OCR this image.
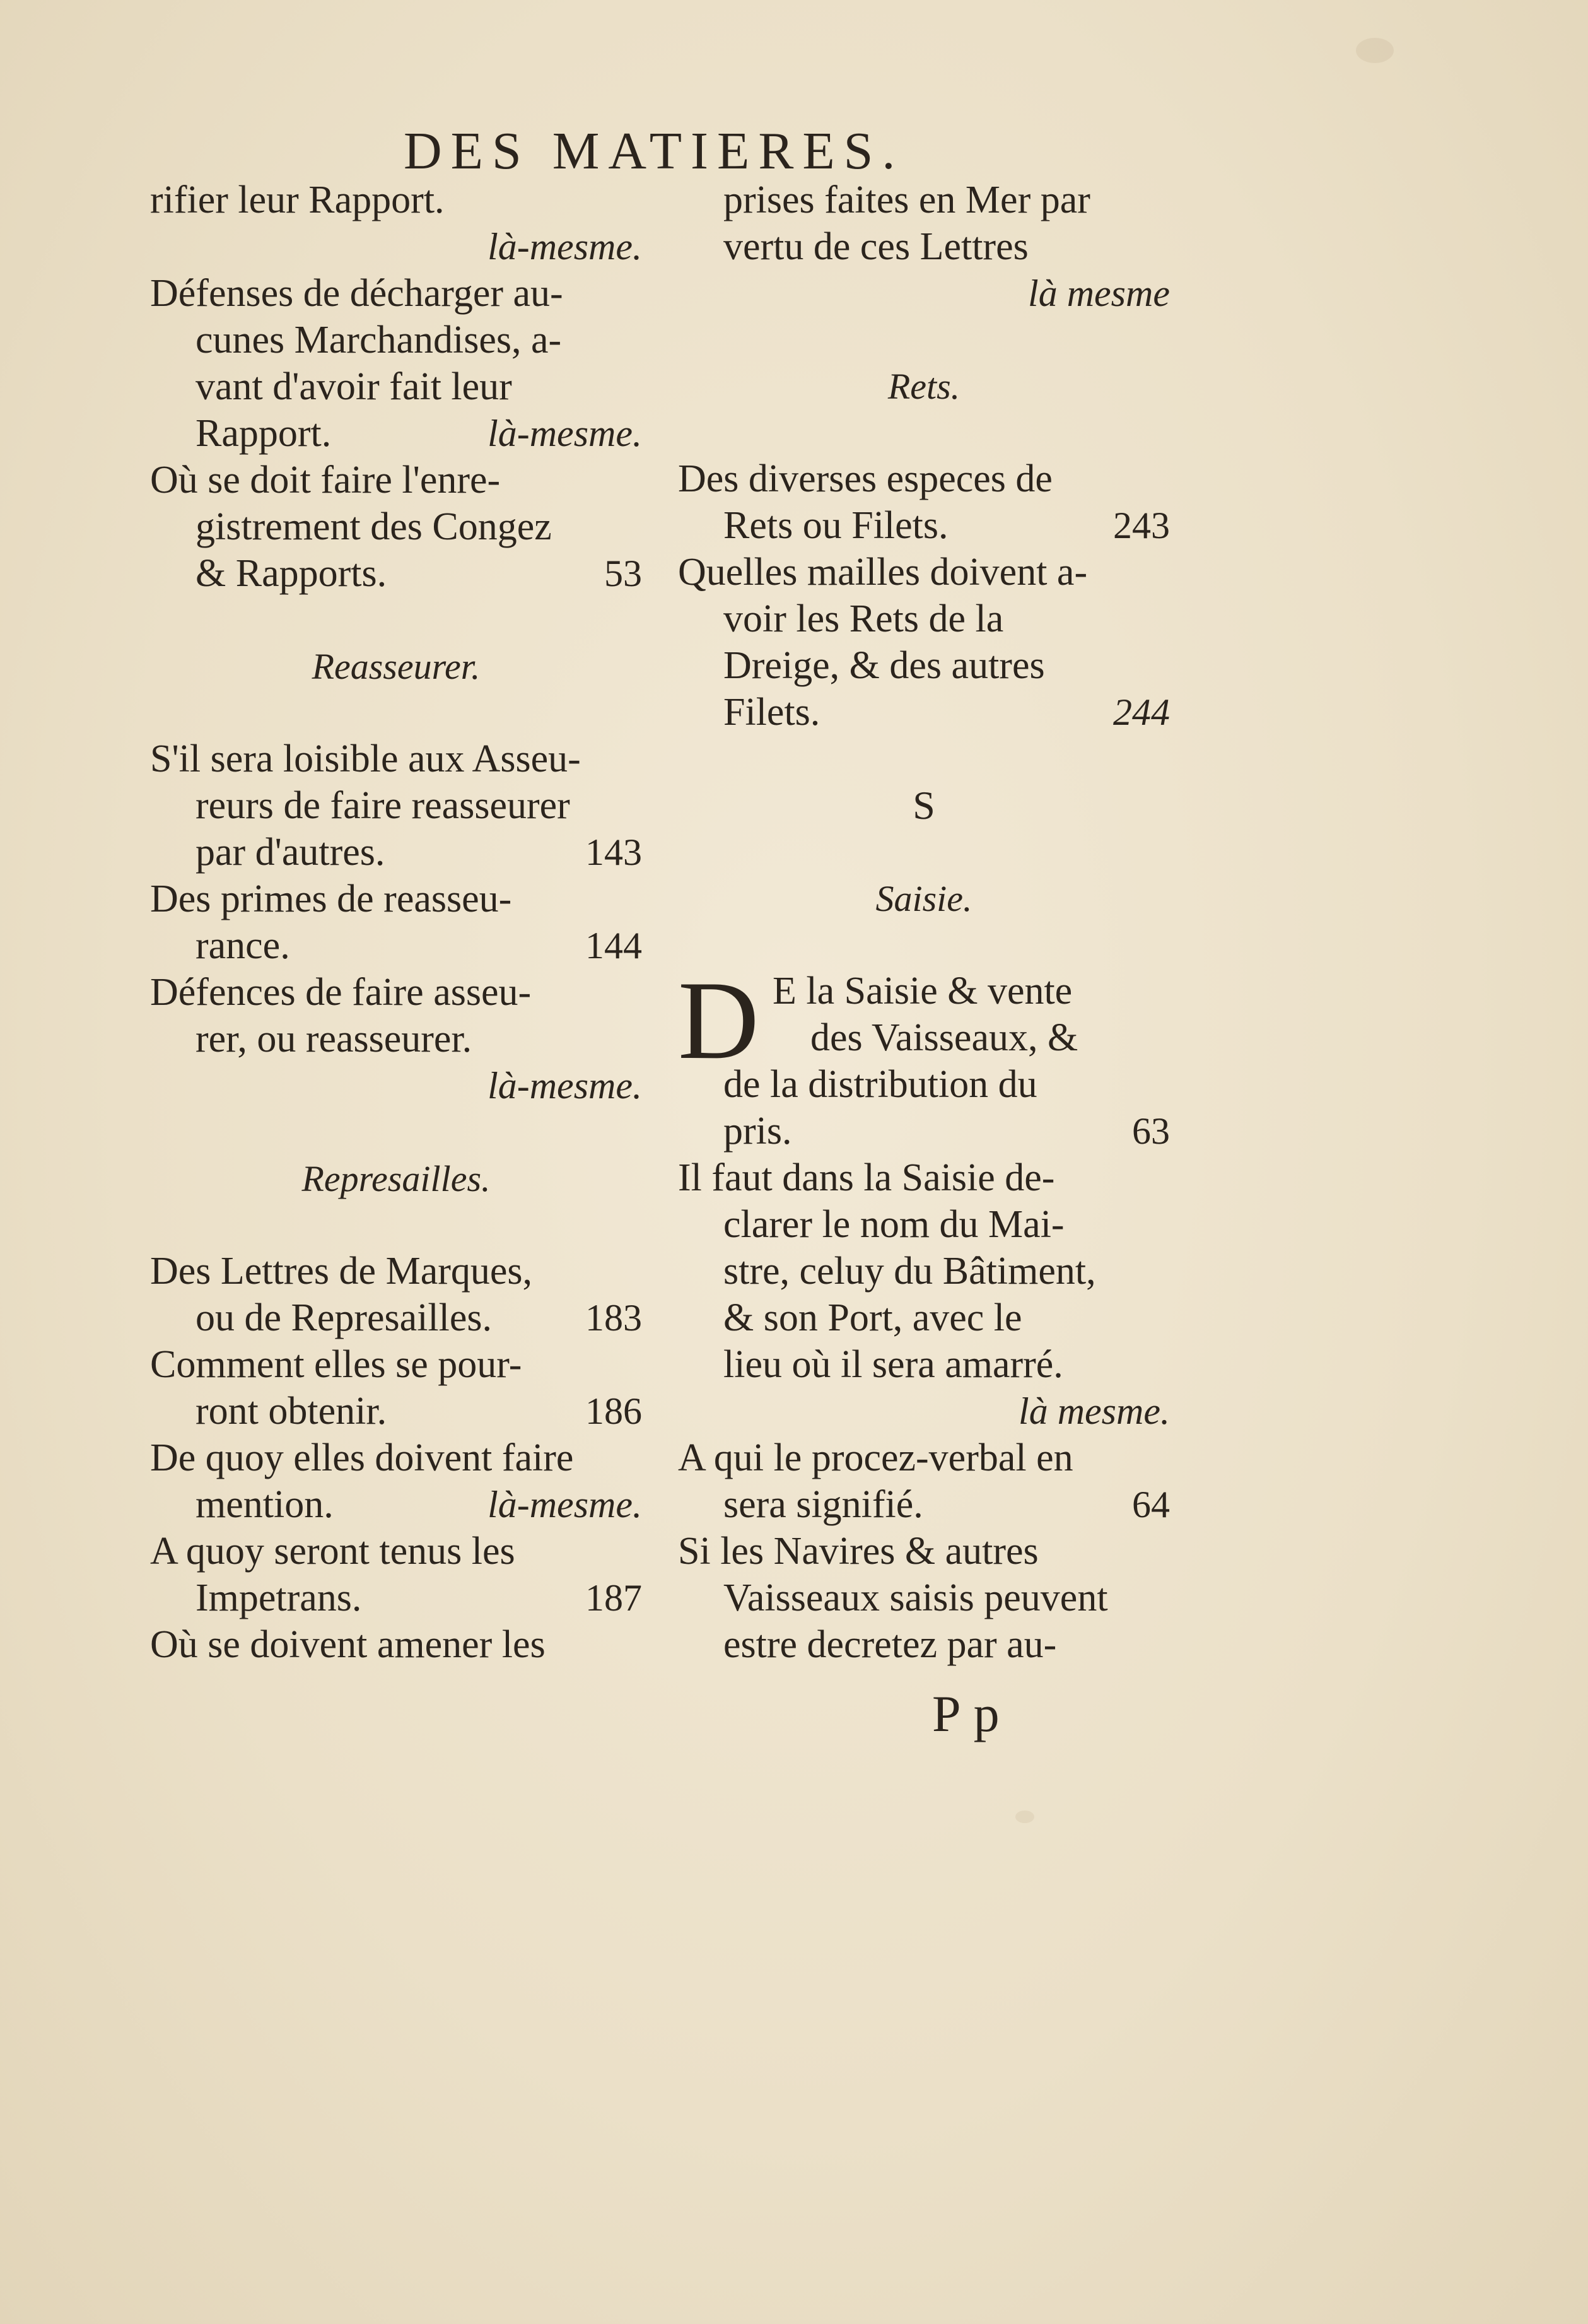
DES MATIERES.
rifier leur Rapport.
là-mesme.
Défenses de décharger au-
cunes Marchandises, a-
vant d'avoir fait leur
Rapport.	là-mesme.
Où se doit faire l'enre-
gistrement des Congez
& Rapports.	53
Reasseurer.
S'il sera loisible aux Asseu-
reurs de faire reasseurer
par d'autres.	143
Des primes de reasseu-
rance.	144
Défences de faire asseu-
rer, ou reasseurer.
là-mesme.
Represailles.
Des Lettres de Marques,
ou de Represailles. 183
Comment elles se pour-
ront obtenir.	186
De quoy elles doivent faire
mention.	là-mesme.
A quoy seront tenus les
Impetrans.	187
Où se doivent amener les
prises faites en Mer par
vertu de ces Lettres
là mesme
Rets.
Des diverses especes de
Rets ou Filets.	243
Quelles mailles doivent a-
voir les Rets de la
Dreige, & des autres
Filets.	244
S
Saisie.
D E la Saisie & vente
des Vaisseaux, &
de la distribution du
pris.	63
Il faut dans la Saisie de-
clarer le nom du Mai-
stre, celuy du Bâtiment,
& son Port, avec le
lieu où il sera amarré.
là mesme.
A qui le procez-verbal en
sera signifié.	64
Si les Navires & autres
Vaisseaux saisis peuvent
estre decretez par au-
Pp
